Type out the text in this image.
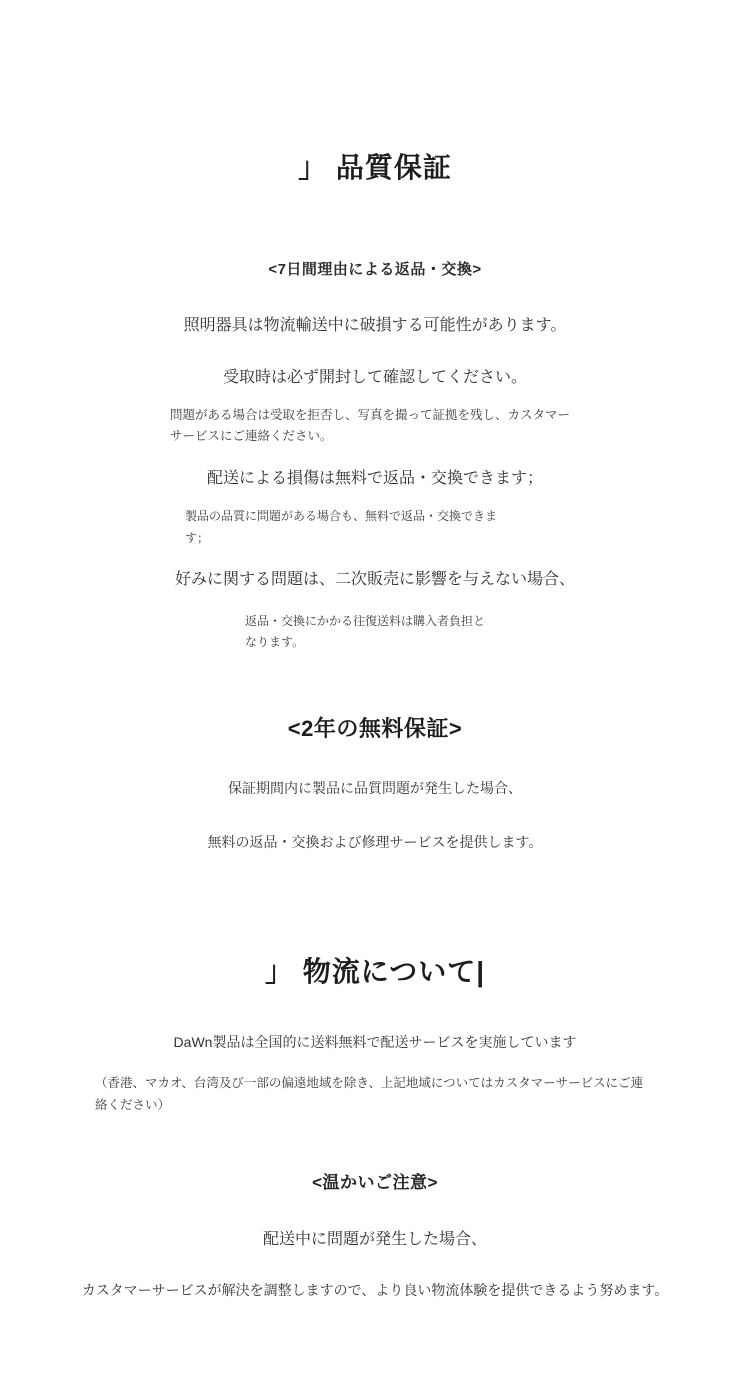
」 品質保証
<7日間理由による返品・交換>
照明器具は物流輸送中に破損する可能性があります。
受取時は必ず開封して確認してください。
問題がある場合は受取を拒否し、写真を撮って証拠を残し、カスタマーサービスにご連絡ください。
配送による損傷は無料で返品・交換できます；
製品の品質に問題がある場合も、無料で返品・交換できます；
好みに関する問題は、二次販売に影響を与えない場合、
返品・交換にかかる往復送料は購入者負担となります。
<2年の無料保証>
保証期間内に製品に品質問題が発生した場合、
無料の返品・交換および修理サービスを提供します。
」 物流について|
DaWn製品は全国的に送料無料で配送サービスを実施しています
（香港、マカオ、台湾及び一部の偏遠地域を除き、上記地域についてはカスタマーサービスにご連絡ください）
<温かいご注意>
配送中に問題が発生した場合、
カスタマーサービスが解決を調整しますので、より良い物流体験を提供できるよう努めます。
